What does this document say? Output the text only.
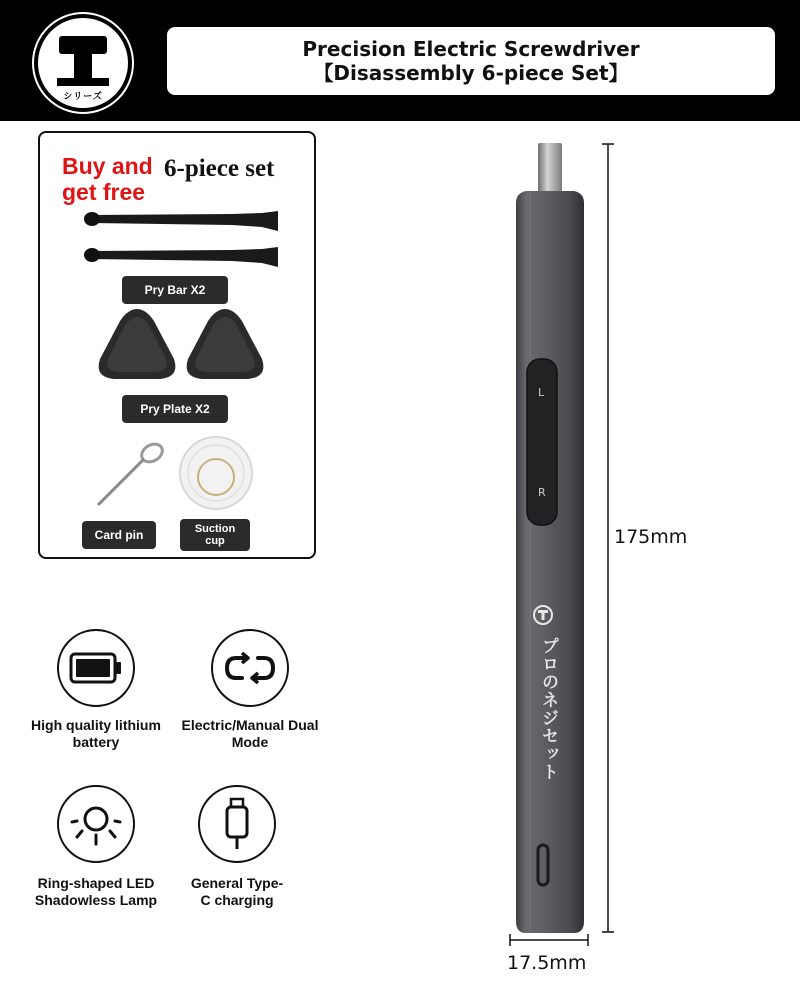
シリーズ
Precision Electric Screwdriver
【Disassembly 6-piece Set】
Buy and get free
6-piece set
Pry Bar X2
Pry Plate X2
Card pin	Suction cup
High quality lithium battery
Electric/Manual Dual Mode
Ring-shaped LED Shadowless Lamp
General Type-C charging
L
R
プロのネジセット
175mm
17.5mm
